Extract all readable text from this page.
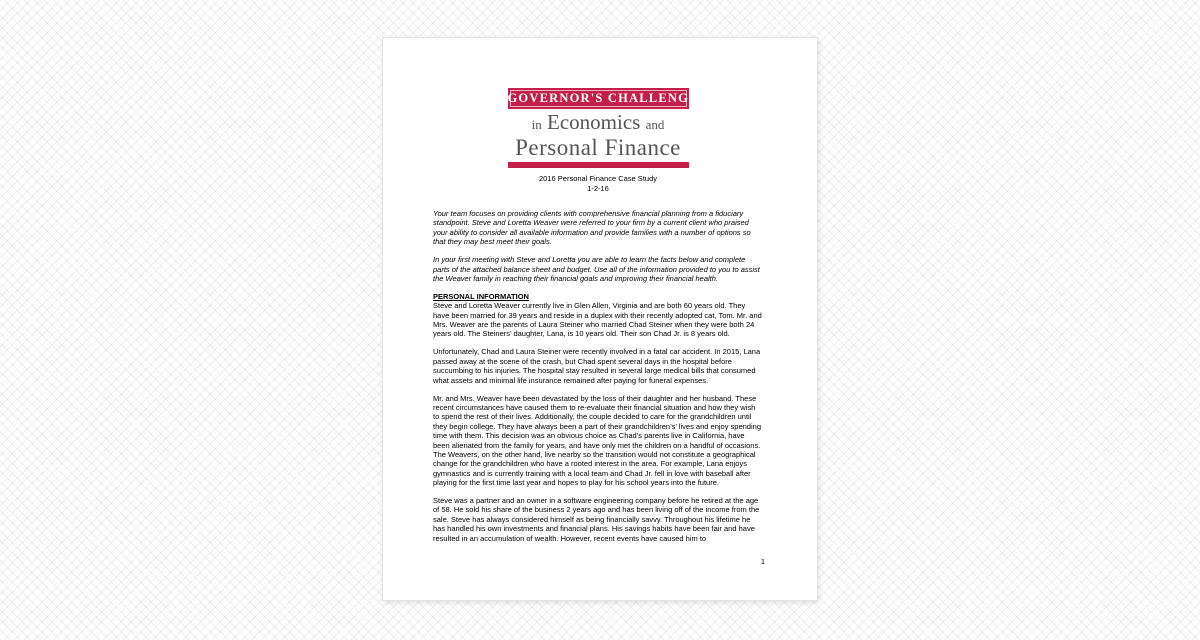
GOVERNOR'S CHALLENGE
in Economics and
Personal Finance
2016 Personal Finance Case Study
1-2-16

Your team focuses on providing clients with comprehensive financial planning from a fiduciary standpoint. Steve and Loretta Weaver were referred to your firm by a current client who praised your ability to consider all available information and provide families with a number of options so that they may best meet their goals.

In your first meeting with Steve and Loretta you are able to learn the facts below and complete parts of the attached balance sheet and budget. Use all of the information provided to you to assist the Weaver family in reaching their financial goals and improving their financial health.

PERSONAL INFORMATION

Steve and Loretta Weaver currently live in Glen Allen, Virginia and are both 60 years old. They have been married for 39 years and reside in a duplex with their recently adopted cat, Tom. Mr. and Mrs. Weaver are the parents of Laura Steiner who married Chad Steiner when they were both 24 years old. The Steiners’ daughter, Lana, is 10 years old. Their son Chad Jr. is 8 years old.

Unfortunately, Chad and Laura Steiner were recently involved in a fatal car accident. In 2015, Lana passed away at the scene of the crash, but Chad spent several days in the hospital before succumbing to his injuries. The hospital stay resulted in several large medical bills that consumed what assets and minimal life insurance remained after paying for funeral expenses.

Mr. and Mrs. Weaver have been devastated by the loss of their daughter and her husband. These recent circumstances have caused them to re-evaluate their financial situation and how they wish to spend the rest of their lives. Additionally, the couple decided to care for the grandchildren until they begin college. They have always been a part of their grandchildren’s’ lives and enjoy spending time with them. This decision was an obvious choice as Chad’s parents live in California, have been alienated from the family for years, and have only met the children on a handful of occasions. The Weavers, on the other hand, live nearby so the transition would not constitute a geographical change for the grandchildren who have a rooted interest in the area. For example, Lana enjoys gymnastics and is currently training with a local team and Chad Jr. fell in love with baseball after playing for the first time last year and hopes to play for his school years into the future.

Steve was a partner and an owner in a software engineering company before he retired at the age of 58. He sold his share of the business 2 years ago and has been living off of the income from the sale. Steve has always considered himself as being financially savvy. Throughout his lifetime he has handled his own investments and financial plans. His savings habits have been fair and have resulted in an accumulation of wealth. However, recent events have caused him to

1
